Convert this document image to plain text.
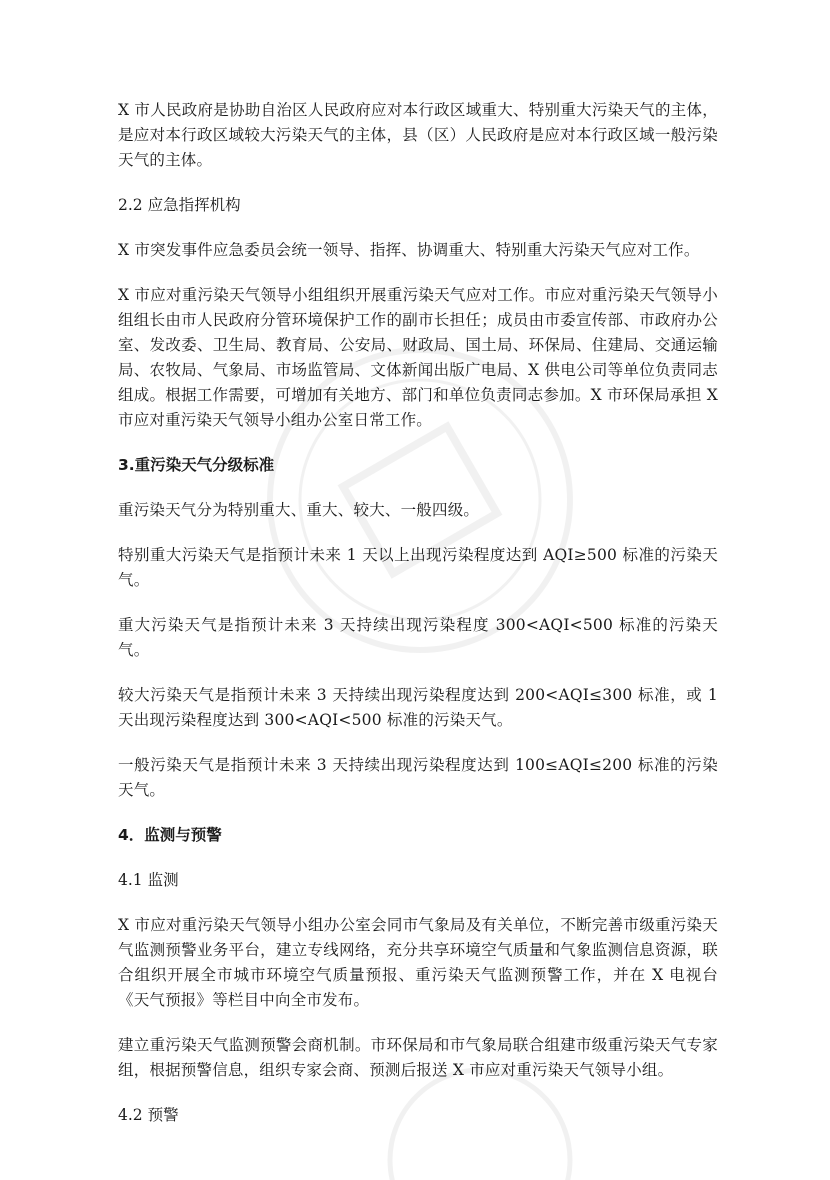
X 市人民政府是协助自治区人民政府应对本行政区域重大、特别重大污染天气的主体，是应对本行政区域较大污染天气的主体，县（区）人民政府是应对本行政区域一般污染天气的主体。

2.2 应急指挥机构

X 市突发事件应急委员会统一领导、指挥、协调重大、特别重大污染天气应对工作。

X 市应对重污染天气领导小组组织开展重污染天气应对工作。市应对重污染天气领导小组组长由市人民政府分管环境保护工作的副市长担任；成员由市委宣传部、市政府办公室、发改委、卫生局、教育局、公安局、财政局、国土局、环保局、住建局、交通运输局、农牧局、气象局、市场监管局、文体新闻出版广电局、X 供电公司等单位负责同志组成。根据工作需要，可增加有关地方、部门和单位负责同志参加。X 市环保局承担 X 市应对重污染天气领导小组办公室日常工作。

3.重污染天气分级标准

重污染天气分为特别重大、重大、较大、一般四级。

特别重大污染天气是指预计未来 1 天以上出现污染程度达到 AQI≥500 标准的污染天气。

重大污染天气是指预计未来 3 天持续出现污染程度 300<AQI<500 标准的污染天气。

较大污染天气是指预计未来 3 天持续出现污染程度达到 200<AQI≤300 标准，或 1 天出现污染程度达到 300<AQI<500 标准的污染天气。

一般污染天气是指预计未来 3 天持续出现污染程度达到 100≤AQI≤200 标准的污染天气。

4．监测与预警

4.1 监测

X 市应对重污染天气领导小组办公室会同市气象局及有关单位，不断完善市级重污染天气监测预警业务平台，建立专线网络，充分共享环境空气质量和气象监测信息资源，联合组织开展全市城市环境空气质量预报、重污染天气监测预警工作，并在 X 电视台《天气预报》等栏目中向全市发布。

建立重污染天气监测预警会商机制。市环保局和市气象局联合组建市级重污染天气专家组，根据预警信息，组织专家会商、预测后报送 X 市应对重污染天气领导小组。

4.2 预警
